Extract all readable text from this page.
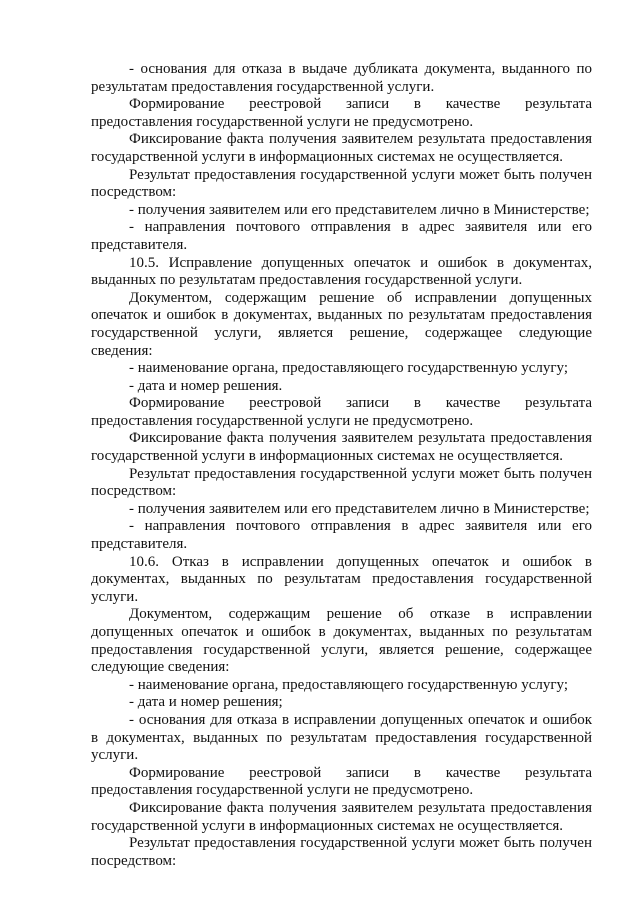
- основания для отказа в выдаче дубликата документа, выданного по результатам предоставления государственной услуги.

Формирование реестровой записи в качестве результата предоставления государственной услуги не предусмотрено.

Фиксирование факта получения заявителем результата предоставления государственной услуги в информационных системах не осуществляется.

Результат предоставления государственной услуги может быть получен посредством:

- получения заявителем или его представителем лично в Министерстве;

- направления почтового отправления в адрес заявителя или его представителя.

10.5. Исправление допущенных опечаток и ошибок в документах, выданных по результатам предоставления государственной услуги.

Документом, содержащим решение об исправлении допущенных опечаток и ошибок в документах, выданных по результатам предоставления государственной услуги, является решение, содержащее следующие сведения:

- наименование органа, предоставляющего государственную услугу;

- дата и номер решения.

Формирование реестровой записи в качестве результата предоставления государственной услуги не предусмотрено.

Фиксирование факта получения заявителем результата предоставления государственной услуги в информационных системах не осуществляется.

Результат предоставления государственной услуги может быть получен посредством:

- получения заявителем или его представителем лично в Министерстве;

- направления почтового отправления в адрес заявителя или его представителя.

10.6. Отказ в исправлении допущенных опечаток и ошибок в документах, выданных по результатам предоставления государственной услуги.

Документом, содержащим решение об отказе в исправлении допущенных опечаток и ошибок в документах, выданных по результатам предоставления государственной услуги, является решение, содержащее следующие сведения:

- наименование органа, предоставляющего государственную услугу;

- дата и номер решения;

- основания для отказа в исправлении допущенных опечаток и ошибок в документах, выданных по результатам предоставления государственной услуги.

Формирование реестровой записи в качестве результата предоставления государственной услуги не предусмотрено.

Фиксирование факта получения заявителем результата предоставления государственной услуги в информационных системах не осуществляется.

Результат предоставления государственной услуги может быть получен посредством:
